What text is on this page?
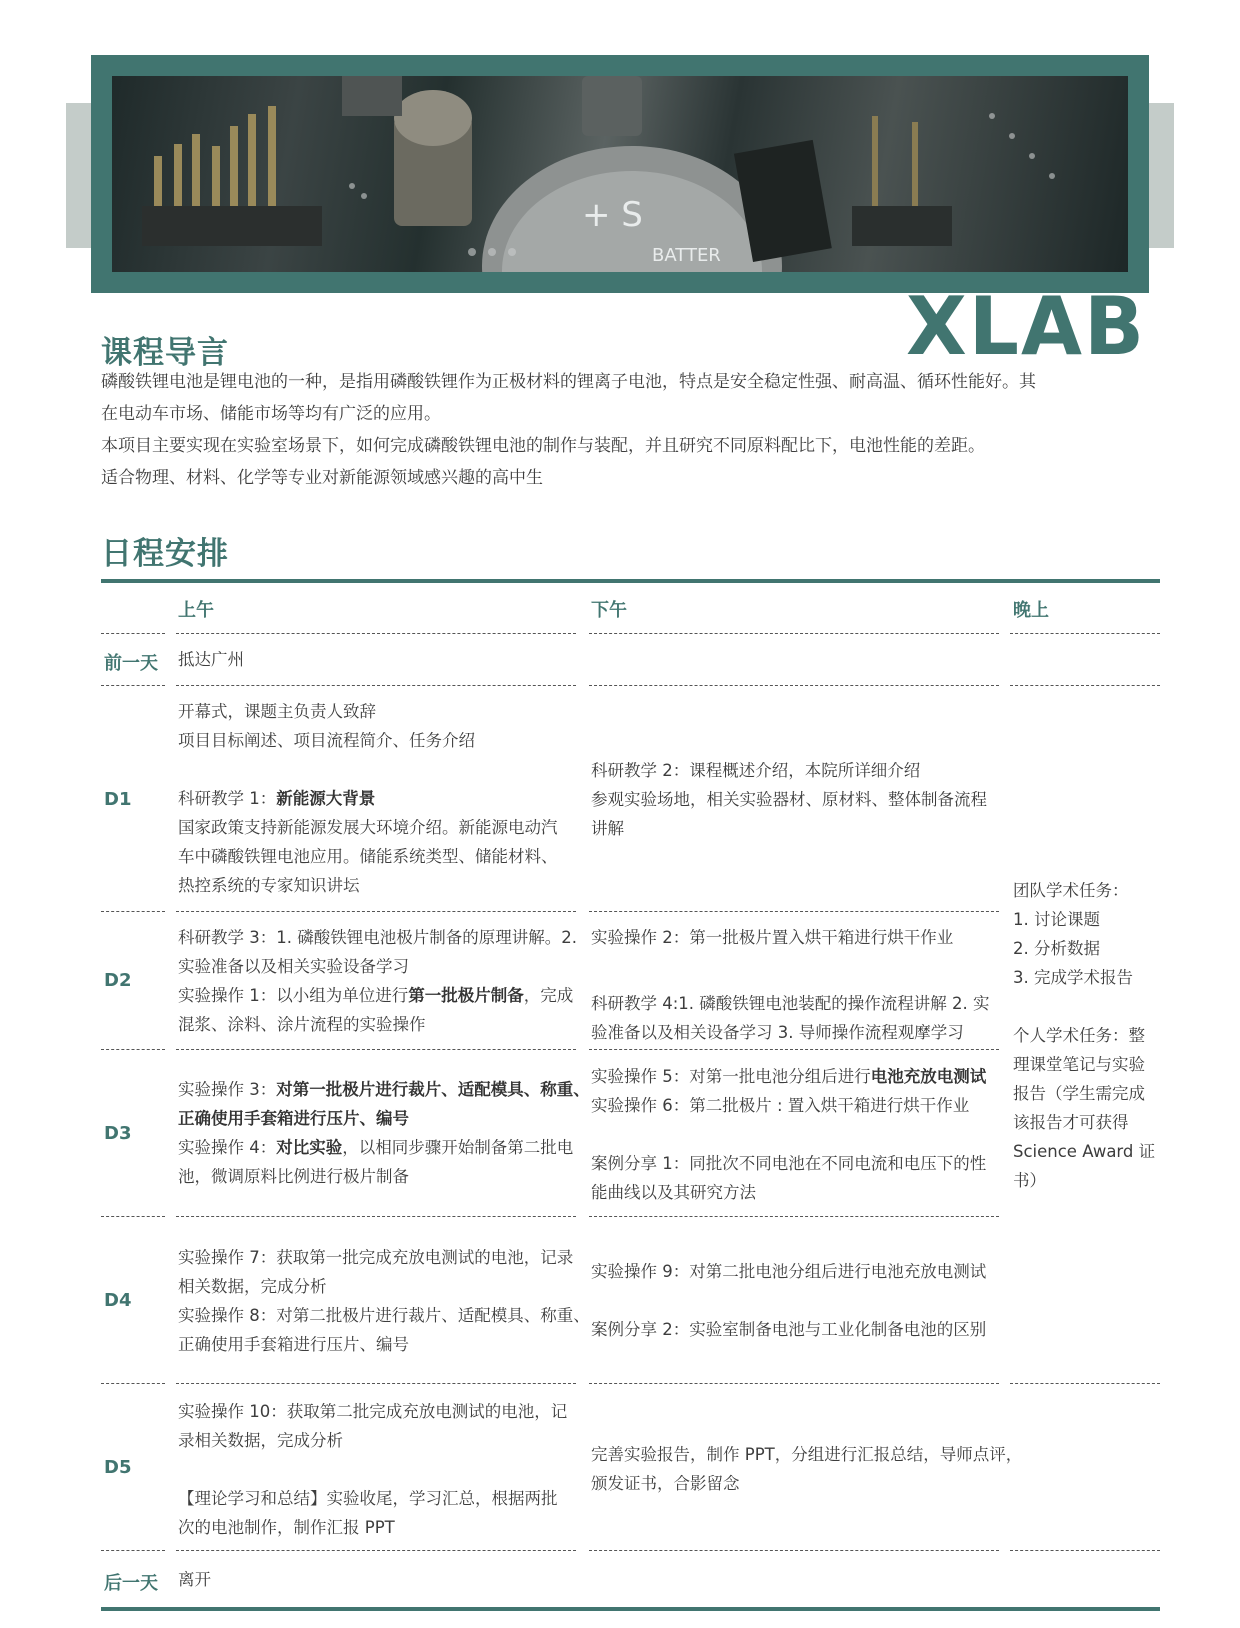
+ S
BATTER
XLAB
课程导言

磷酸铁锂电池是锂电池的一种，是指用磷酸铁锂作为正极材料的锂离子电池，特点是安全稳定性强、耐高温、循环性能好。其

在电动车市场、储能市场等均有广泛的应用。

本项目主要实现在实验室场景下，如何完成磷酸铁锂电池的制作与装配，并且研究不同原料配比下，电池性能的差距。

适合物理、材料、化学等专业对新能源领域感兴趣的高中生

日程安排
上午	下午	晚上
前一天
D1
D2
D3
D4
D5
后一天

抵达广州

开幕式，课题主负责人致辞

项目目标阐述、项目流程简介、任务介绍

科研教学 1：新能源大背景

国家政策支持新能源发展大环境介绍。新能源电动汽

车中磷酸铁锂电池应用。储能系统类型、储能材料、

热控系统的专家知识讲坛

科研教学 2：课程概述介绍，本院所详细介绍

参观实验场地，相关实验器材、原材料、整体制备流程

讲解

科研教学 3：1. 磷酸铁锂电池极片制备的原理讲解。2.

实验准备以及相关实验设备学习

实验操作 1：以小组为单位进行第一批极片制备，完成

混浆、涂料、涂片流程的实验操作

实验操作 2：第一批极片置入烘干箱进行烘干作业

科研教学 4:1. 磷酸铁锂电池装配的操作流程讲解 2. 实

验准备以及相关设备学习 3. 导师操作流程观摩学习

团队学术任务：

1. 讨论课题

2. 分析数据

3. 完成学术报告

个人学术任务：整

理课堂笔记与实验

报告（学生需完成

该报告才可获得

Science Award 证

书）

实验操作 3：对第一批极片进行裁片、适配模具、称重、

正确使用手套箱进行压片、编号

实验操作 4：对比实验，以相同步骤开始制备第二批电

池，微调原料比例进行极片制备

实验操作 5：对第一批电池分组后进行电池充放电测试

实验操作 6：第二批极片 : 置入烘干箱进行烘干作业

案例分享 1：同批次不同电池在不同电流和电压下的性

能曲线以及其研究方法

实验操作 7：获取第一批完成充放电测试的电池，记录

相关数据，完成分析

实验操作 8：对第二批极片进行裁片、适配模具、称重、

正确使用手套箱进行压片、编号

实验操作 9：对第二批电池分组后进行电池充放电测试

案例分享 2：实验室制备电池与工业化制备电池的区别

实验操作 10：获取第二批完成充放电测试的电池，记

录相关数据，完成分析

【理论学习和总结】实验收尾，学习汇总，根据两批

次的电池制作，制作汇报 PPT

完善实验报告，制作 PPT，分组进行汇报总结，导师点评，

颁发证书，合影留念

离开
